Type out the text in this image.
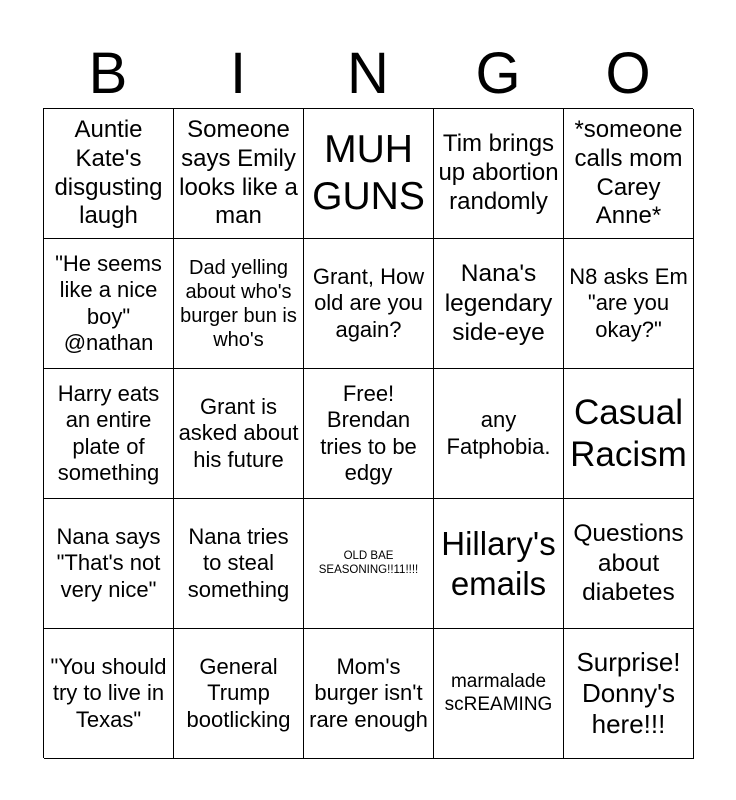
B	I	N	G	O
Auntie Kate's disgusting laugh
Someone says Emily looks like a man
MUH GUNS
Tim brings up abortion randomly
*someone calls mom Carey Anne*
"He seems like a nice boy" @nathan
Dad yelling about who's burger bun is who's
Grant, How old are you again?
Nana's legendary side-eye
N8 asks Em "are you okay?"
Harry eats an entire plate of something
Grant is asked about his future
Free! Brendan tries to be edgy
any Fatphobia.
Casual Racism
Nana says "That's not very nice"
Nana tries to steal something
OLD BAE SEASONING!!11!!!!
Hillary's emails
Questions about diabetes
"You should try to live in Texas"
General Trump bootlicking
Mom's burger isn't rare enough
marmalade scREAMING
Surprise! Donny's here!!!
